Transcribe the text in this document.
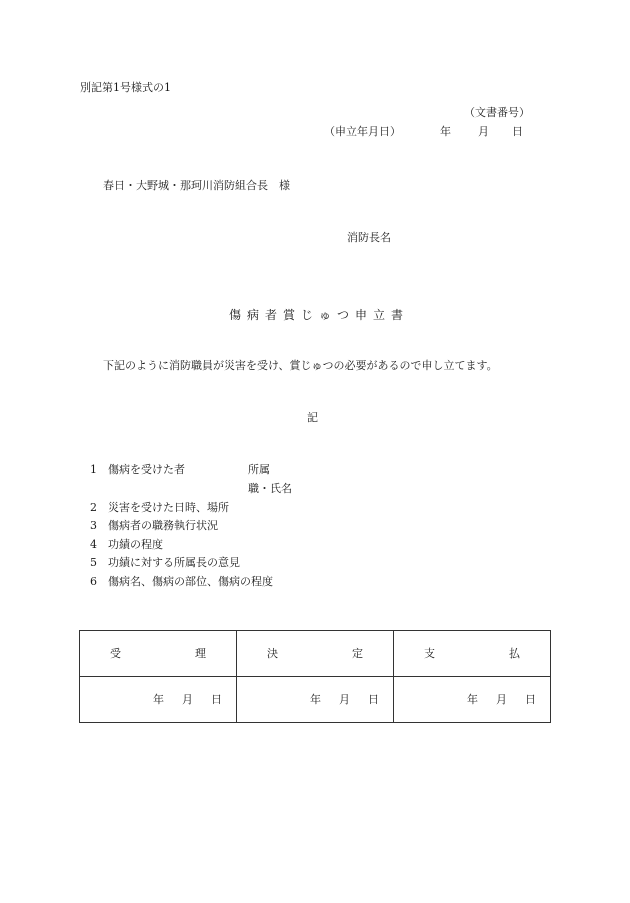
別記第1号様式の1
（文書番号）
（申立年月日）	年 月 日
春日・大野城・那珂川消防組合長　様
消防長名
傷病者賞じゅつ申立書
下記のように消防職員が災害を受け、賞じゅつの必要があるので申し立てます。
記
1 傷病を受けた者	所属
職・氏名
2 災害を受けた日時、場所
3 傷病者の職務執行状況
4 功績の程度
5 功績に対する所属長の意見
6 傷病名、傷病の部位、傷病の程度
受 理	決 定	支 払

年 月 日	年 月 日	年 月 日
